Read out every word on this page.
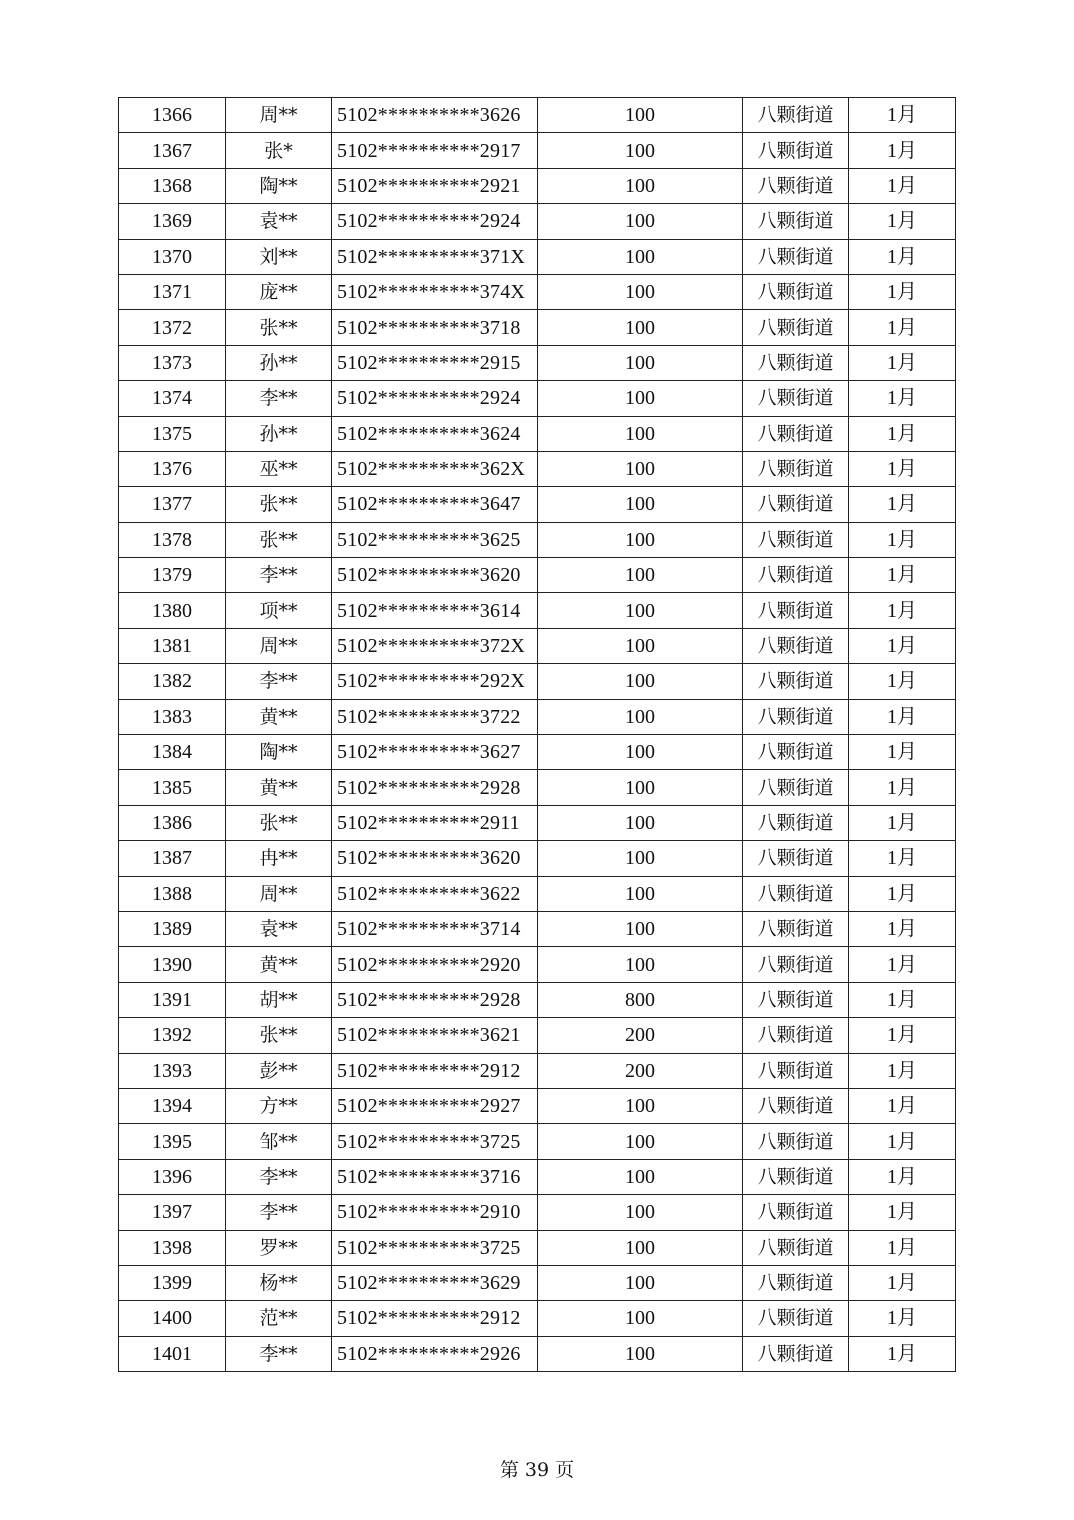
1366	周**	5102**********3626	100	八颗街道	1月
1367	张*	5102**********2917	100	八颗街道	1月
1368	陶**	5102**********2921	100	八颗街道	1月
1369	袁**	5102**********2924	100	八颗街道	1月
1370	刘**	5102**********371X	100	八颗街道	1月
1371	庞**	5102**********374X	100	八颗街道	1月
1372	张**	5102**********3718	100	八颗街道	1月
1373	孙**	5102**********2915	100	八颗街道	1月
1374	李**	5102**********2924	100	八颗街道	1月
1375	孙**	5102**********3624	100	八颗街道	1月
1376	巫**	5102**********362X	100	八颗街道	1月
1377	张**	5102**********3647	100	八颗街道	1月
1378	张**	5102**********3625	100	八颗街道	1月
1379	李**	5102**********3620	100	八颗街道	1月
1380	项**	5102**********3614	100	八颗街道	1月
1381	周**	5102**********372X	100	八颗街道	1月
1382	李**	5102**********292X	100	八颗街道	1月
1383	黄**	5102**********3722	100	八颗街道	1月
1384	陶**	5102**********3627	100	八颗街道	1月
1385	黄**	5102**********2928	100	八颗街道	1月
1386	张**	5102**********2911	100	八颗街道	1月
1387	冉**	5102**********3620	100	八颗街道	1月
1388	周**	5102**********3622	100	八颗街道	1月
1389	袁**	5102**********3714	100	八颗街道	1月
1390	黄**	5102**********2920	100	八颗街道	1月
1391	胡**	5102**********2928	800	八颗街道	1月
1392	张**	5102**********3621	200	八颗街道	1月
1393	彭**	5102**********2912	200	八颗街道	1月
1394	方**	5102**********2927	100	八颗街道	1月
1395	邹**	5102**********3725	100	八颗街道	1月
1396	李**	5102**********3716	100	八颗街道	1月
1397	李**	5102**********2910	100	八颗街道	1月
1398	罗**	5102**********3725	100	八颗街道	1月
1399	杨**	5102**********3629	100	八颗街道	1月
1400	范**	5102**********2912	100	八颗街道	1月
1401	李**	5102**********2926	100	八颗街道	1月
第 39 页
